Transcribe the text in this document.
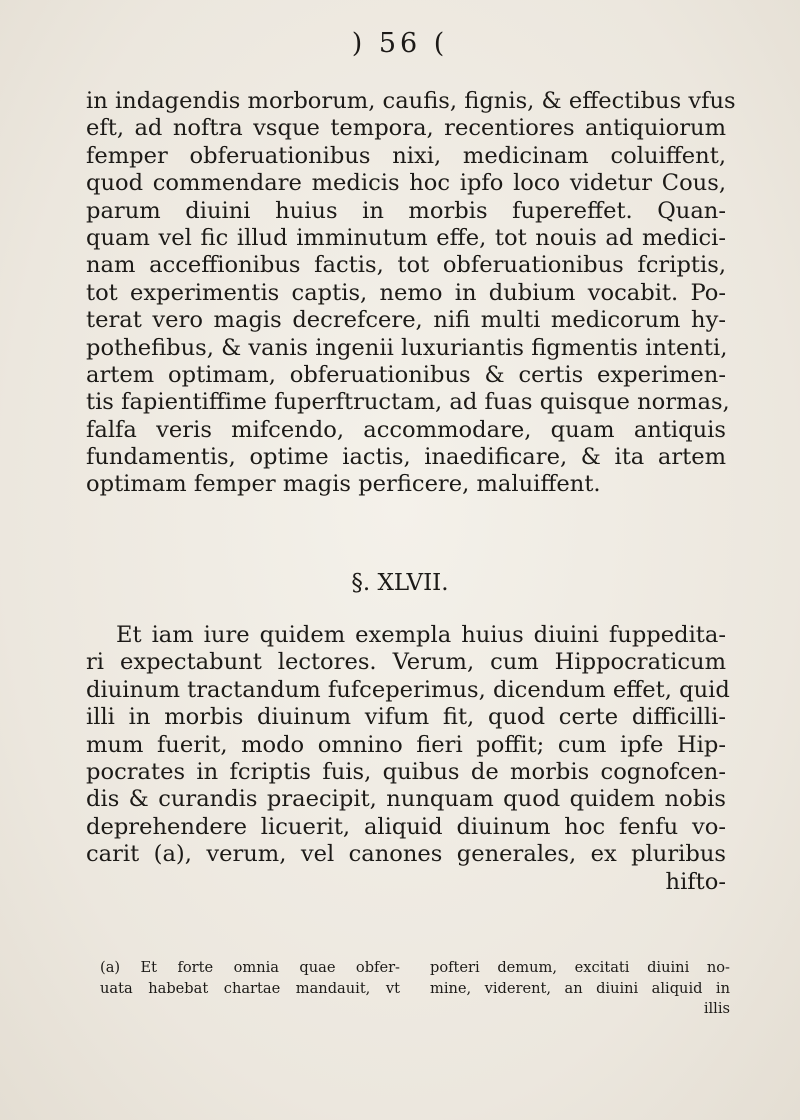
) 56 (
in indagendis morborum, caufis, fignis, & effectibus vfus
eft, ad noftra vsque tempora, recentiores antiquiorum
femper obferuationibus nixi, medicinam coluiffent,
quod commendare medicis hoc ipfo loco videtur Cous,
parum diuini huius in morbis fupereffet. Quan-
quam vel fic illud imminutum effe, tot nouis ad medici-
nam acceffionibus factis, tot obferuationibus fcriptis,
tot experimentis captis, nemo in dubium vocabit. Po-
terat vero magis decrefcere, nifi multi medicorum hy-
pothefibus, & vanis ingenii luxuriantis figmentis intenti,
artem optimam, obferuationibus & certis experimen-
tis fapientiffime fuperftructam, ad fuas quisque normas,
falfa veris mifcendo, accommodare, quam antiquis
fundamentis, optime iactis, inaedificare, & ita artem
optimam femper magis perficere, maluiffent.
§. XLVII.
Et iam iure quidem exempla huius diuini fuppedita-
ri expectabunt lectores. Verum, cum Hippocraticum
diuinum tractandum fufceperimus, dicendum effet, quid
illi in morbis diuinum vifum fit, quod certe difficilli-
mum fuerit, modo omnino fieri poffit; cum ipfe Hip-
pocrates in fcriptis fuis, quibus de morbis cognofcen-
dis & curandis praecipit, nunquam quod quidem nobis
deprehendere licuerit, aliquid diuinum hoc fenfu vo-
carit (a), verum, vel canones generales, ex pluribus
hifto-
(a) Et forte omnia quae obfer-
uata habebat chartae mandauit, vt
pofteri demum, excitati diuini no-
mine, viderent, an diuini aliquid in
illis
